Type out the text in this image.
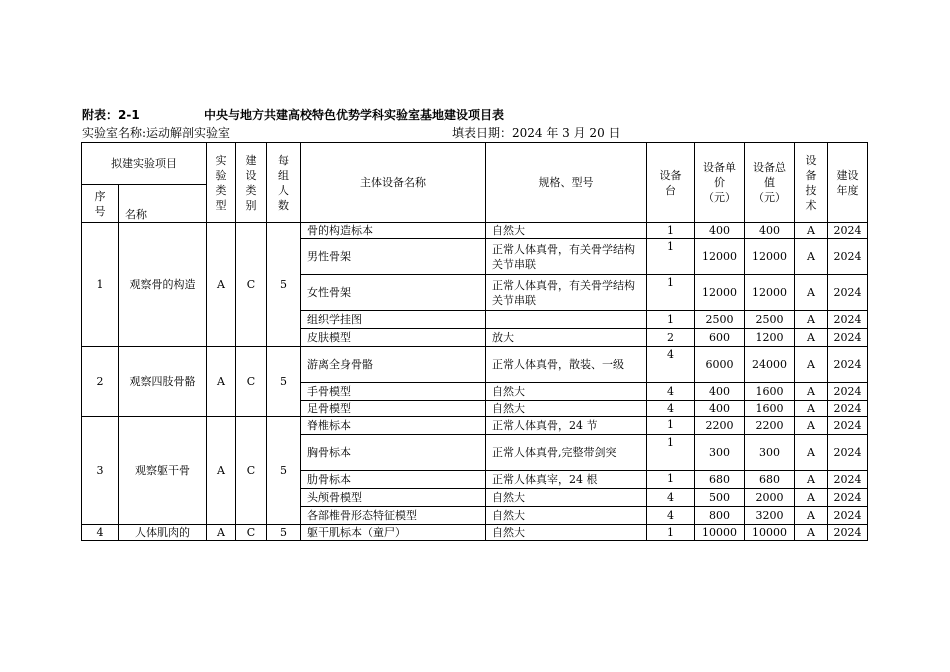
附表：2-1	中央与地方共建高校特色优势学科实验室基地建设项目表
实验室名称:运动解剖实验室	填表日期：2024 年 3 月 20 日
拟建实验项目		实验类型	建设类别	每组人数	主体设备名称	规格、型号	设备台	设备单价（元）	设备总值（元）	设备技术	建设年度
序号	名称										
1	观察骨的构造	A	C	5	骨的构造标本	自然大	1	400	400	A	2024
					男性骨架	正常人体真骨，有关骨学结构关节串联	1	12000	12000	A	2024
					女性骨架	正常人体真骨，有关骨学结构关节串联	1	12000	12000	A	2024
					组织学挂图		1	2500	2500	A	2024
					皮肤模型	放大	2	600	1200	A	2024
2	观察四肢骨骼	A	C	5	游离全身骨骼	正常人体真骨，散装、一级	4	6000	24000	A	2024
					手骨模型	自然大	4	400	1600	A	2024
					足骨模型	自然大	4	400	1600	A	2024
3	观察躯干骨	A	C	5	脊椎标本	正常人体真骨，24 节	1	2200	2200	A	2024
					胸骨标本	正常人体真骨,完整带剑突	1	300	300	A	2024
					肋骨标本	正常人体真宰，24 根	1	680	680	A	2024
					头颅骨模型	自然大	4	500	2000	A	2024
					各部椎骨形态特征模型	自然大	4	800	3200	A	2024
4	人体肌肉的	A	C	5	躯干肌标本（童尸）	自然大	1	10000	10000	A	2024
